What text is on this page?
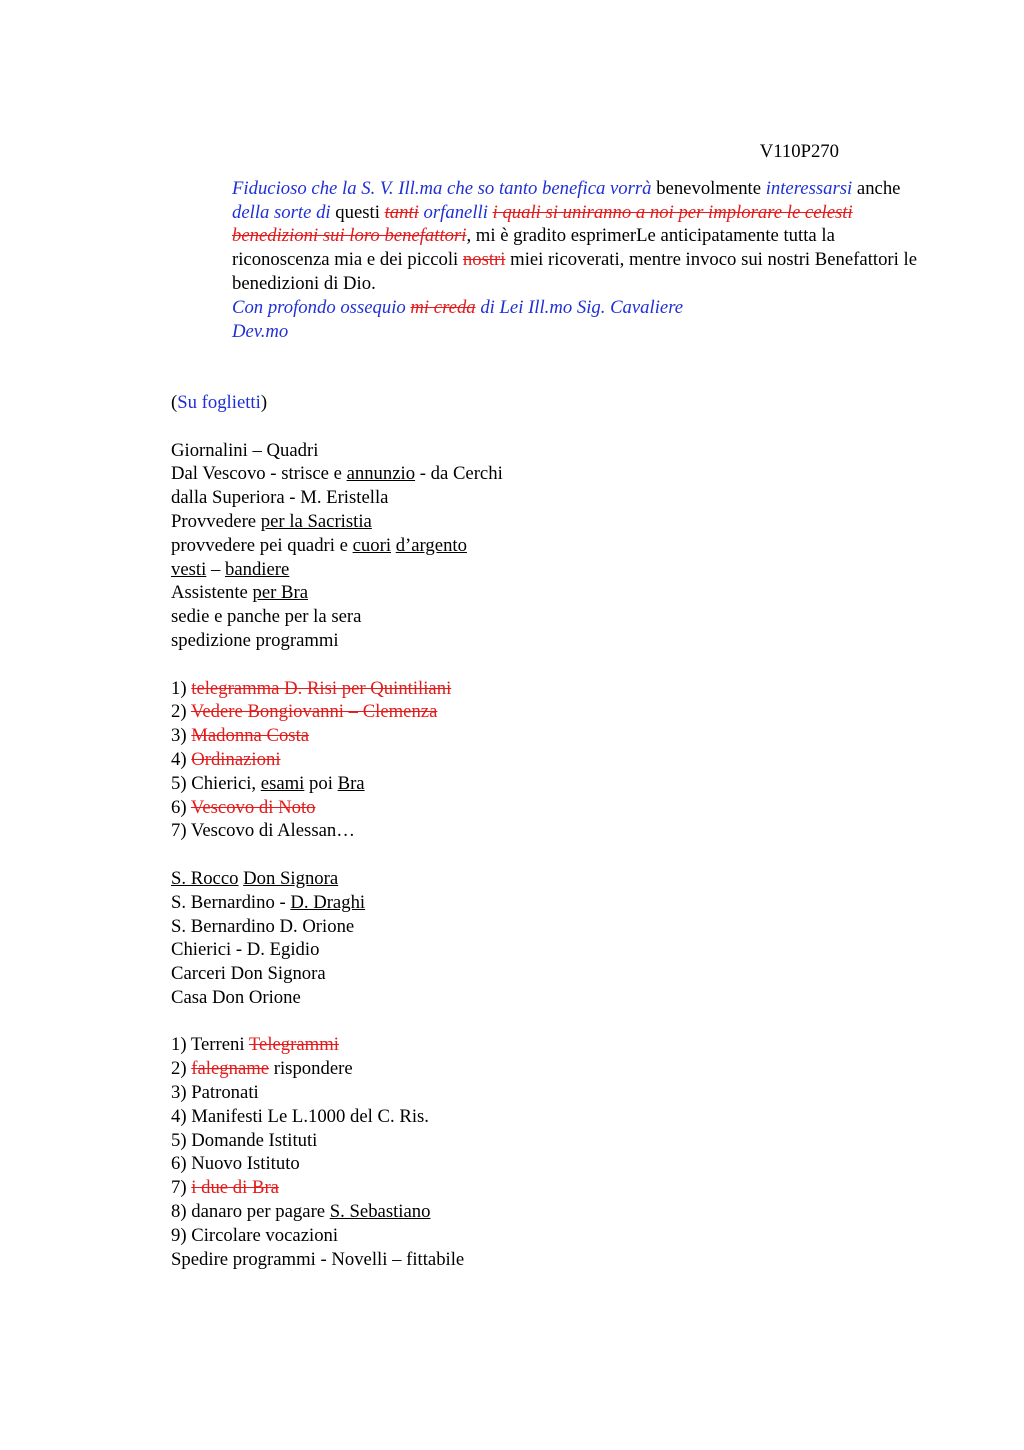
V110P270
Fiducioso che la S. V. Ill.ma che so tanto benefica vorrà benevolmente interessarsi anche della sorte di questi tanti orfanelli i quali si uniranno a noi per implorare le celesti benedizioni sui loro benefattori, mi è gradito esprimerLe anticipatamente tutta la riconoscenza mia e dei piccoli nostri miei ricoverati, mentre invoco sui nostri Benefattori le benedizioni di Dio.
Con profondo ossequio mi creda di Lei Ill.mo Sig. Cavaliere
Dev.mo
(Su foglietti)
Giornalini – Quadri
Dal Vescovo - strisce e annunzio - da Cerchi
dalla Superiora - M. Eristella
Provvedere per la Sacristia
provvedere pei quadri e cuori d’argento
vesti – bandiere
Assistente per Bra
sedie e panche per la sera
spedizione programmi
1) telegramma D. Risi per Quintiliani
2) Vedere Bongiovanni – Clemenza
3) Madonna Costa
4) Ordinazioni
5) Chierici, esami poi Bra
6) Vescovo di Noto
7) Vescovo di Alessan…
S. Rocco Don Signora
S. Bernardino - D. Draghi
S. Bernardino D. Orione
Chierici - D. Egidio
Carceri Don Signora
Casa Don Orione
1) Terreni Telegrammi
2) falegname rispondere
3) Patronati
4) Manifesti Le L.1000 del C. Ris.
5) Domande Istituti
6) Nuovo Istituto
7) i due di Bra
8) danaro per pagare S. Sebastiano
9) Circolare vocazioni
Spedire programmi - Novelli – fittabile
